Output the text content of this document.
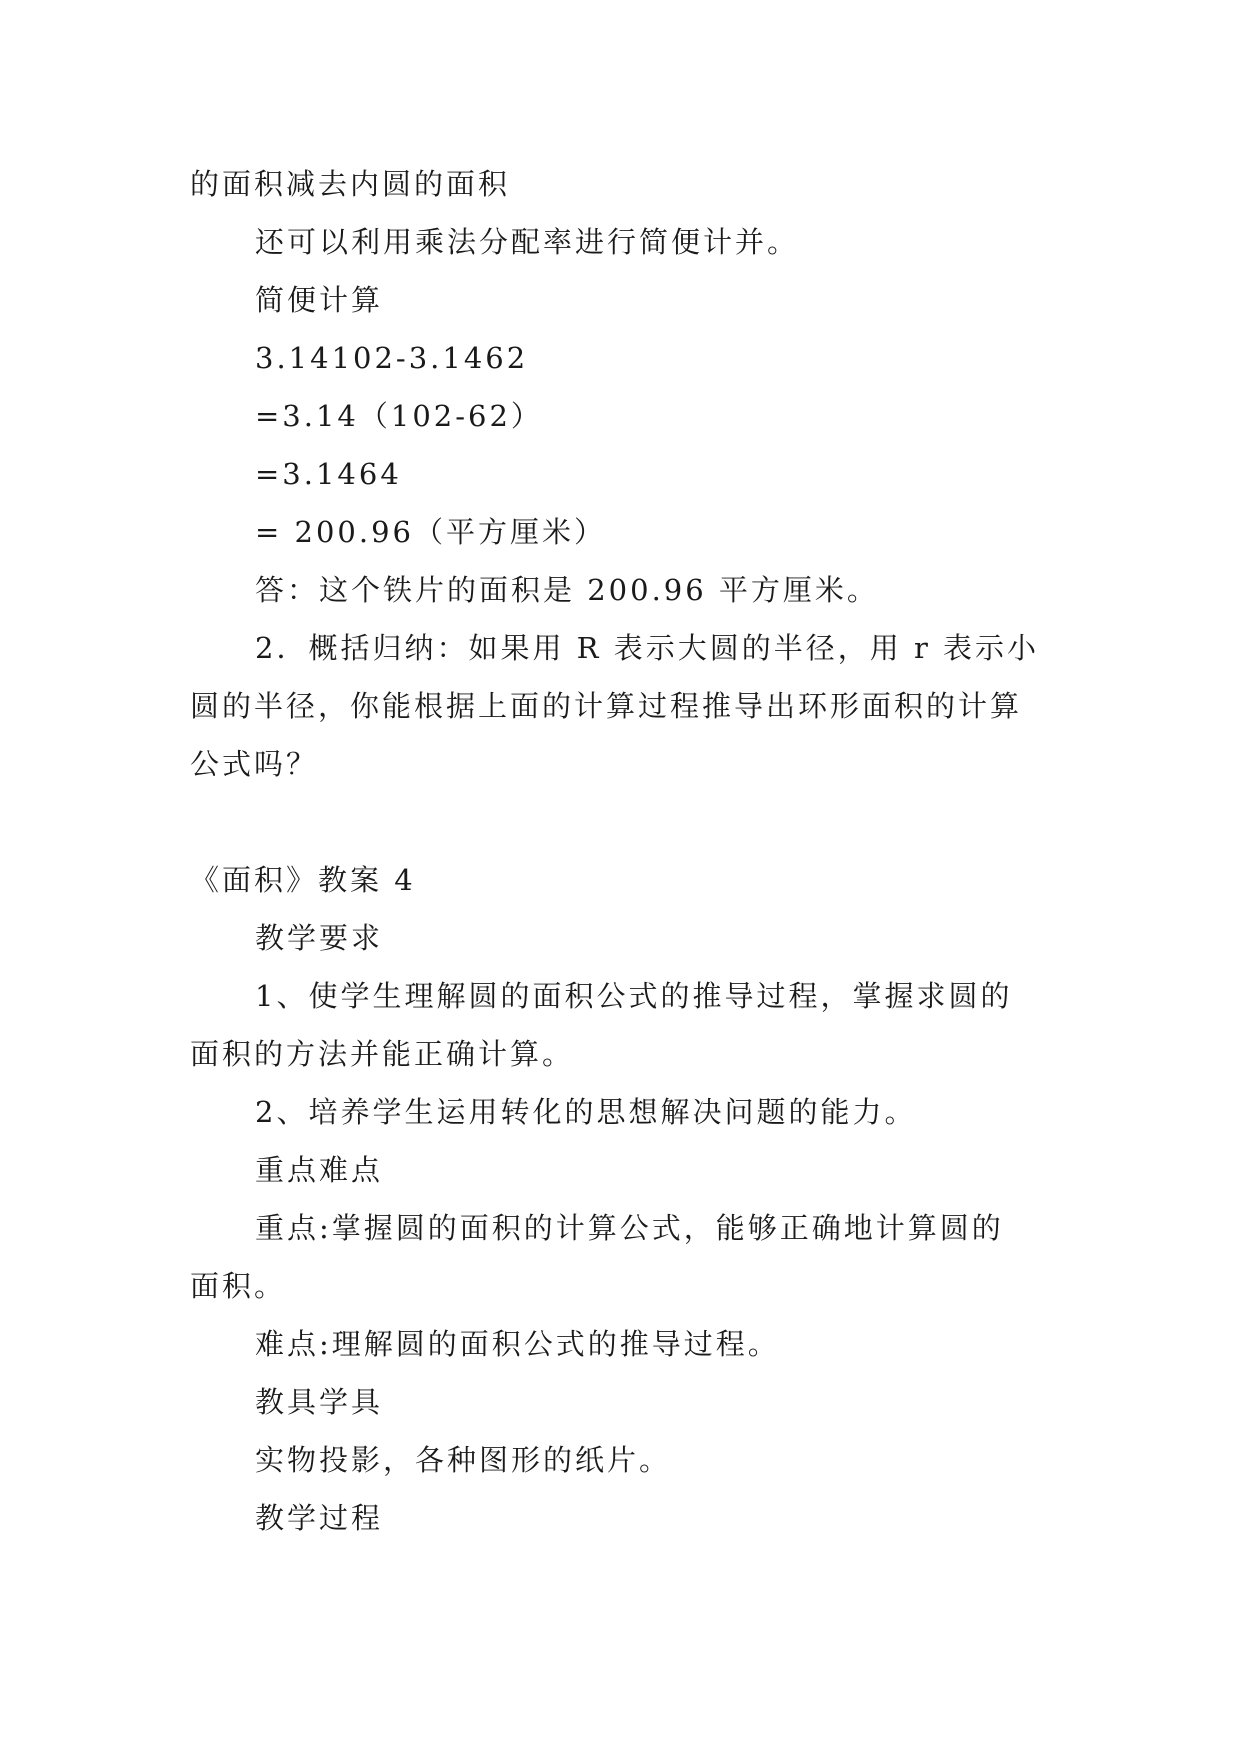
的面积减去内圆的面积
还可以利用乘法分配率进行简便计并。
简便计算
3.14102-3.1462
=3.14（102-62）
=3.1464
= 200.96（平方厘米）
答：这个铁片的面积是 200.96 平方厘米。
2．概括归纳：如果用 R 表示大圆的半径，用 r 表示小
圆的半径，你能根据上面的计算过程推导出环形面积的计算
公式吗？
《面积》教案 4
教学要求
1、使学生理解圆的面积公式的推导过程，掌握求圆的
面积的方法并能正确计算。
2、培养学生运用转化的思想解决问题的能力。
重点难点
重点:掌握圆的面积的计算公式，能够正确地计算圆的
面积。
难点:理解圆的面积公式的推导过程。
教具学具
实物投影，各种图形的纸片。
教学过程
